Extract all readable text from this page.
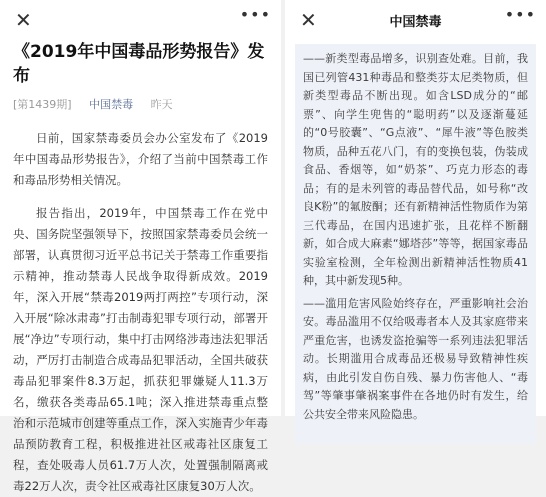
✕	•••
《2019年中国毒品形势报告》发布
[第1439期] 中国禁毒 昨天

日前，国家禁毒委员会办公室发布了《2019年中国毒品形势报告》，介绍了当前中国禁毒工作和毒品形势相关情况。

报告指出，2019年，中国禁毒工作在党中央、国务院坚强领导下，按照国家禁毒委员会统一部署，认真贯彻习近平总书记关于禁毒工作重要指示精神，推动禁毒人民战争取得新成效。2019年，深入开展“禁毒2019两打两控”专项行动，深入开展“除冰肃毒”打击制毒犯罪专项行动，部署开展“净边”专项行动，集中打击网络涉毒违法犯罪活动，严厉打击制造合成毒品犯罪活动，全国共破获毒品犯罪案件8.3万起，抓获犯罪嫌疑人11.3万名，缴获各类毒品65.1吨；深入推进禁毒重点整治和示范城市创建等重点工作，深入实施青少年毒品预防教育工程，积极推进社区戒毒社区康复工程，查处吸毒人员61.7万人次，处置强制隔离戒毒22万人次，责令社区戒毒社区康复30万人次。

✕	中国禁毒	•••

——新类型毒品增多，识别查处难。目前，我国已列管431种毒品和整类芬太尼类物质，但新类型毒品不断出现。如含LSD成分的“邮票”、向学生兜售的“聪明药”以及逐渐蔓延的“0号胶囊”、“G点液”、“犀牛液”等色胺类物质，品种五花八门，有的变换包装，伪装成食品、香烟等，如“奶茶”、巧克力形态的毒品；有的是未列管的毒品替代品，如号称“改良K粉”的氟胺酮；还有新精神活性物质作为第三代毒品，在国内迅速扩张，且花样不断翻新，如合成大麻素“娜塔莎”等等，据国家毒品实验室检测，全年检测出新精神活性物质41种，其中新发现5种。

——滥用危害风险始终存在，严重影响社会治安。毒品滥用不仅给吸毒者本人及其家庭带来严重危害，也诱发盗抢骗等一系列违法犯罪活动。长期滥用合成毒品还极易导致精神性疾病，由此引发自伤自残、暴力伤害他人、“毒驾”等肇事肇祸案事件在各地仍时有发生，给公共安全带来风险隐患。
